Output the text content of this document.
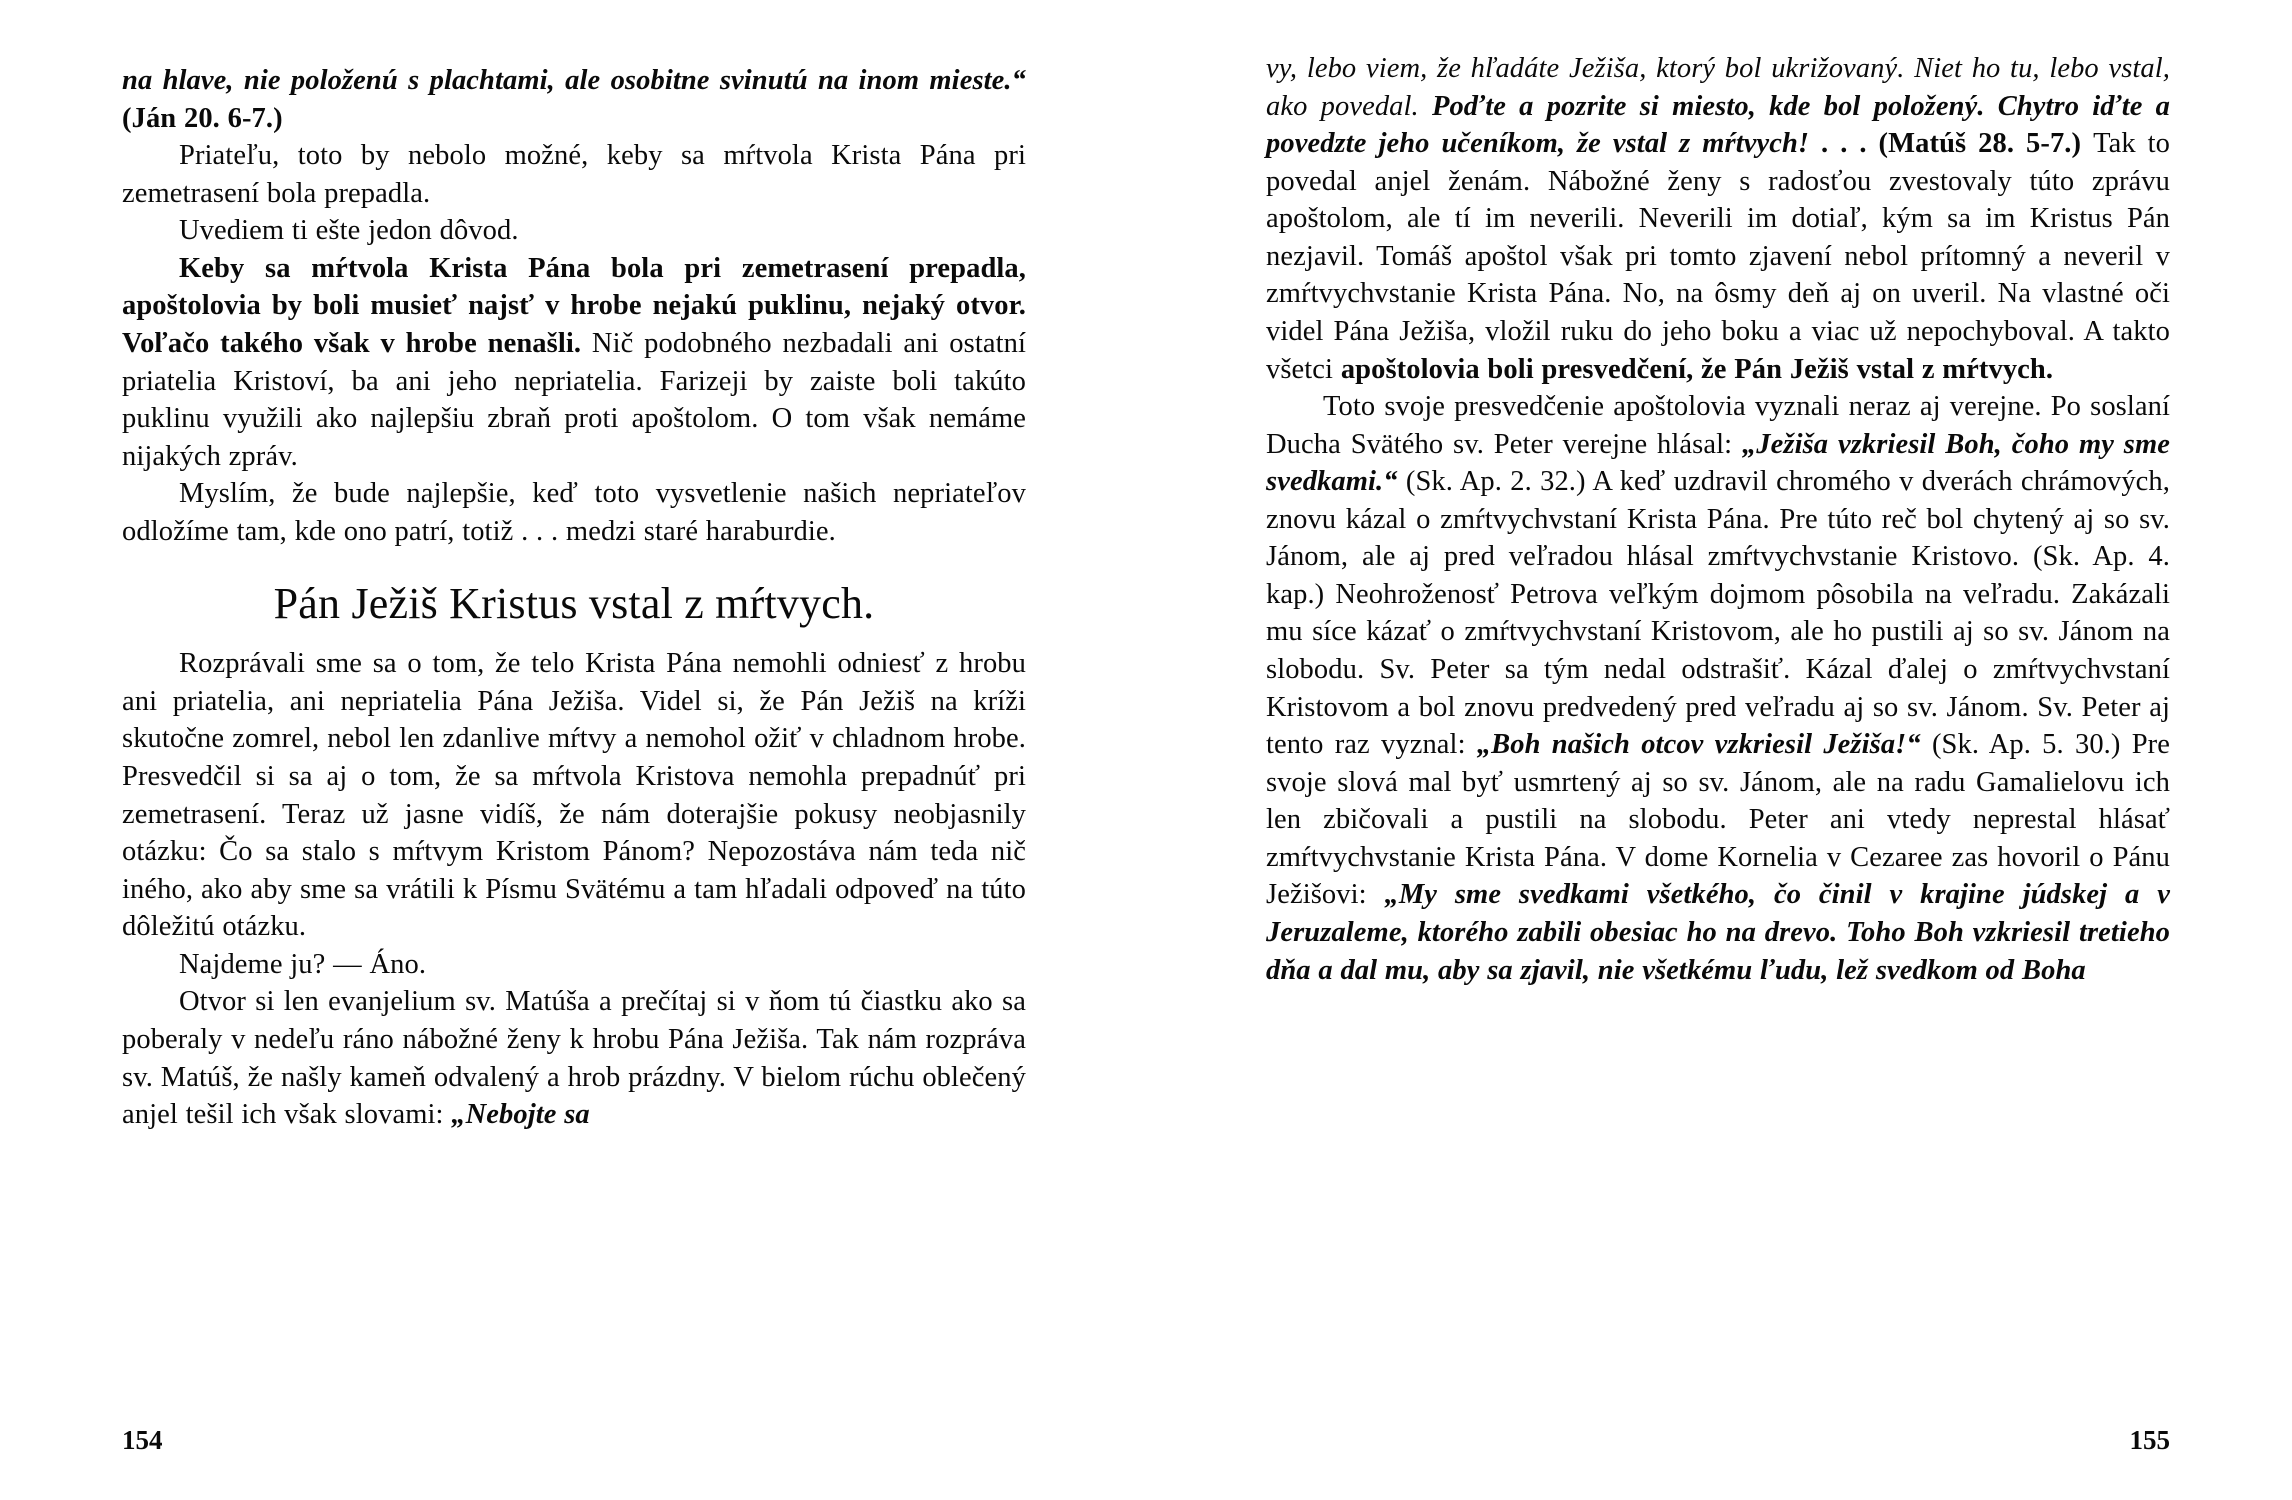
na hlave, nie položenú s plachtami, ale osobitne svinutú na inom mieste.“ (Ján 20. 6-7.)

Priateľu, toto by nebolo možné, keby sa mŕtvola Krista Pána pri zemetrasení bola prepadla.

Uvediem ti ešte jedon dôvod.

Keby sa mŕtvola Krista Pána bola pri zemetrasení prepadla, apoštolovia by boli musieť najsť v hrobe nejakú puklinu, nejaký otvor. Voľačo takého však v hrobe nenašli. Nič podobného nezbadali ani ostatní priatelia Kristoví, ba ani jeho nepriatelia. Farizeji by zaiste boli takúto puklinu využili ako najlepšiu zbraň proti apoštolom. O tom však nemáme nijakých zpráv.

Myslím, že bude najlepšie, keď toto vysvetlenie našich nepriateľov odložíme tam, kde ono patrí, totiž . . . medzi staré haraburdie.

Pán Ježiš Kristus vstal z mŕtvych.

Rozprávali sme sa o tom, že telo Krista Pána nemohli odniesť z hrobu ani priatelia, ani nepriatelia Pána Ježiša. Videl si, že Pán Ježiš na kríži skutočne zomrel, nebol len zdanlive mŕtvy a nemohol ožiť v chladnom hrobe. Presvedčil si sa aj o tom, že sa mŕtvola Kristova nemohla prepadnúť pri zemetrasení. Teraz už jasne vidíš, že nám doterajšie pokusy neobjasnily otázku: Čo sa stalo s mŕtvym Kristom Pánom? Nepozostáva nám teda nič iného, ako aby sme sa vrátili k Písmu Svätému a tam hľadali odpoveď na túto dôležitú otázku.

Najdeme ju? — Áno.

Otvor si len evanjelium sv. Matúša a prečítaj si v ňom tú čiastku ako sa poberaly v nedeľu ráno nábožné ženy k hrobu Pána Ježiša. Tak nám rozpráva sv. Matúš, že našly kameň odvalený a hrob prázdny. V bielom rúchu oblečený anjel tešil ich však slovami: „Nebojte sa

154

vy, lebo viem, že hľadáte Ježiša, ktorý bol ukrižovaný. Niet ho tu, lebo vstal, ako povedal. Poďte a pozrite si miesto, kde bol položený. Chytro iďte a povedzte jeho učeníkom, že vstal z mŕtvych! . . . (Matúš 28. 5-7.) Tak to povedal anjel ženám. Nábožné ženy s radosťou zvestovaly túto zprávu apoštolom, ale tí im neverili. Neverili im dotiaľ, kým sa im Kristus Pán nezjavil. Tomáš apoštol však pri tomto zjavení nebol prítomný a neveril v zmŕtvychvstanie Krista Pána. No, na ôsmy deň aj on uveril. Na vlastné oči videl Pána Ježiša, vložil ruku do jeho boku a viac už nepochyboval. A takto všetci apoštolovia boli presvedčení, že Pán Ježiš vstal z mŕtvych.

Toto svoje presvedčenie apoštolovia vyznali neraz aj verejne. Po soslaní Ducha Svätého sv. Peter verejne hlásal: „Ježiša vzkriesil Boh, čoho my sme svedkami.“ (Sk. Ap. 2. 32.) A keď uzdravil chromého v dverách chrámových, znovu kázal o zmŕtvychvstaní Krista Pána. Pre túto reč bol chytený aj so sv. Jánom, ale aj pred veľradou hlásal zmŕtvychvstanie Kristovo. (Sk. Ap. 4. kap.) Neohroženosť Petrova veľkým dojmom pôsobila na veľradu. Zakázali mu síce kázať o zmŕtvychvstaní Kristovom, ale ho pustili aj so sv. Jánom na slobodu. Sv. Peter sa tým nedal odstrašiť. Kázal ďalej o zmŕtvychvstaní Kristovom a bol znovu predvedený pred veľradu aj so sv. Jánom. Sv. Peter aj tento raz vyznal: „Boh našich otcov vzkriesil Ježiša!“ (Sk. Ap. 5. 30.) Pre svoje slová mal byť usmrtený aj so sv. Jánom, ale na radu Gamalielovu ich len zbičovali a pustili na slobodu. Peter ani vtedy neprestal hlásať zmŕtvychvstanie Krista Pána. V dome Kornelia v Cezaree zas hovoril o Pánu Ježišovi: „My sme svedkami všetkého, čo činil v krajine júdskej a v Jeruzaleme, ktorého zabili obesiac ho na drevo. Toho Boh vzkriesil tretieho dňa a dal mu, aby sa zjavil, nie všetkému ľudu, lež svedkom od Boha

155
